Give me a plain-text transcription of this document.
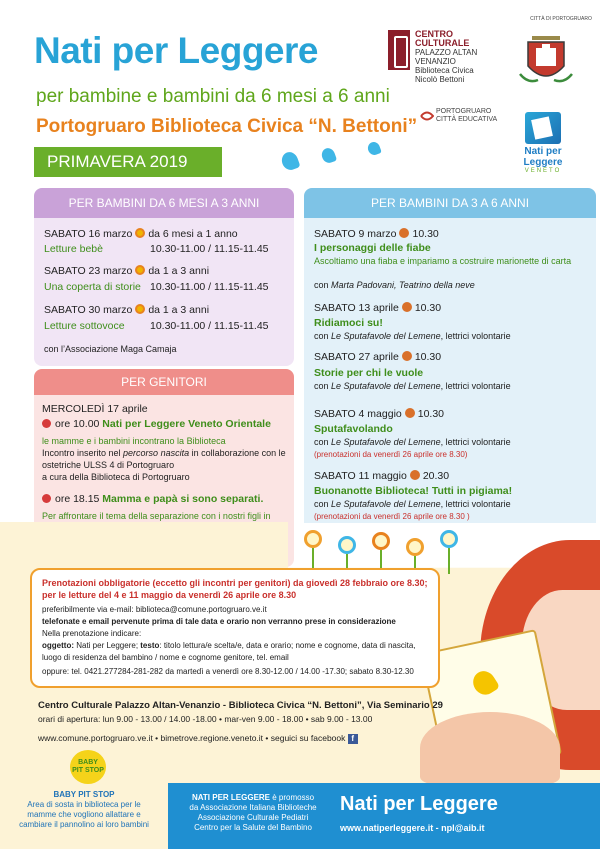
Nati per Leggere
per bambine e bambini da 6 mesi a 6 anni
Portogruaro Biblioteca Civica “N. Bettoni”
PRIMAVERA 2019
CENTRO CULTURALE
PALAZZO ALTAN VENANZIO
Biblioteca Civica
Nicolò Bettoni
CITTÀ DI PORTOGRUARO
PORTOGRUARO
CITTÀ EDUCATIVA
Nati per
Leggere
VENETO
PER BAMBINI DA 6 MESI A 3 ANNI
SABATO 16 marzo da 6 mesi a 1 anno
Letture bebè	10.30-11.00 / 11.15-11.45
SABATO 23 marzo da 1 a 3 anni
Una coperta di storie 10.30-11.00 / 11.15-11.45
SABATO 30 marzo da 1 a 3 anni
Letture sottovoce 10.30-11.00 / 11.15-11.45
con l’Associazione Maga Camaja
PER GENITORI
MERCOLEDÌ 17 aprile
ore 10.00 Nati per Leggere Veneto Orientale
le mamme e i bambini incontrano la Biblioteca
Incontro inserito nel percorso nascita in collaborazione con le
ostetriche ULSS 4 di Portogruaro
a cura della Biblioteca di Portogruaro
ore 18.15 Mamma e papà si sono separati.
Per affrontare il tema della separazione con i nostri figli in
PER BAMBINI DA 3 A 6 ANNI
SABATO 9 marzo 10.30
I personaggi delle fiabe
Ascoltiamo una fiaba e impariamo a costruire marionette di carta
con Marta Padovani, Teatrino della neve
SABATO 13 aprile 10.30
Ridiamoci su!
con Le Sputafavole del Lemene, lettrici volontarie
SABATO 27 aprile 10.30
Storie per chi le vuole
con Le Sputafavole del Lemene, lettrici volontarie
SABATO 4 maggio 10.30
Sputafavolando
con Le Sputafavole del Lemene, lettrici volontarie
(prenotazioni da venerdì 26 aprile ore 8.30)
SABATO 11 maggio 20.30
Buonanotte Biblioteca! Tutti in pigiama!
con Le Sputafavole del Lemene, lettrici volontarie
(prenotazioni da venerdì 26 aprile ore 8.30 )
Prenotazioni obbligatorie (eccetto gli incontri per genitori) da giovedì 28 febbraio ore 8.30;
per le letture del 4 e 11 maggio da venerdì 26 aprile ore 8.30
preferibilmente via e-mail: biblioteca@comune.portogruaro.ve.it
telefonate e email pervenute prima di tale data e orario non verranno prese in considerazione
Nella prenotazione indicare:
oggetto: Nati per Leggere; testo: titolo lettura/e scelta/e, data e orario; nome e cognome, data di nascita,
luogo di residenza del bambino / nome e cognome genitore, tel. email
oppure: tel. 0421.277284-281-282 da martedì a venerdì ore 8.30-12.00 / 14.00 -17.30; sabato 8.30-12.30
Centro Culturale Palazzo Altan-Venanzio - Biblioteca Civica “N. Bettoni”, Via Seminario 29
orari di apertura: lun 9.00 - 13.00 / 14.00 -18.00 • mar-ven 9.00 - 18.00 • sab 9.00 - 13.00
www.comune.portogruaro.ve.it • bimetrove.regione.veneto.it • seguici su facebook f
BABY
PIT STOP
BABY PIT STOP
Area di sosta in biblioteca per le
mamme che vogliono allattare e
cambiare il pannolino ai loro bambini
NATI PER LEGGERE è promosso
da Associazione Italiana Biblioteche
Associazione Culturale Pediatri
Centro per la Salute del Bambino
Nati per Leggere
www.natiperleggere.it - npl@aib.it
